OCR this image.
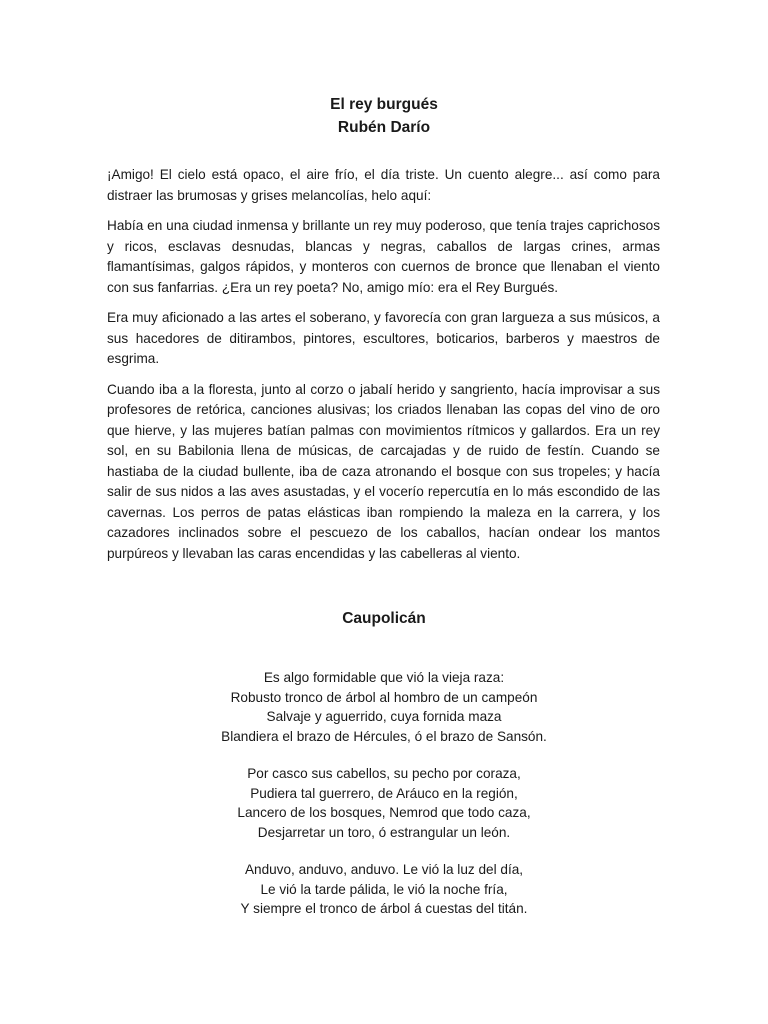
El rey burgués
Rubén Darío

¡Amigo! El cielo está opaco, el aire frío, el día triste. Un cuento alegre... así como para distraer las brumosas y grises melancolías, helo aquí:

Había en una ciudad inmensa y brillante un rey muy poderoso, que tenía trajes caprichosos y ricos, esclavas desnudas, blancas y negras, caballos de largas crines, armas flamantísimas, galgos rápidos, y monteros con cuernos de bronce que llenaban el viento con sus fanfarrias. ¿Era un rey poeta? No, amigo mío: era el Rey Burgués.

Era muy aficionado a las artes el soberano, y favorecía con gran largueza a sus músicos, a sus hacedores de ditirambos, pintores, escultores, boticarios, barberos y maestros de esgrima.

Cuando iba a la floresta, junto al corzo o jabalí herido y sangriento, hacía improvisar a sus profesores de retórica, canciones alusivas; los criados llenaban las copas del vino de oro que hierve, y las mujeres batían palmas con movimientos rítmicos y gallardos. Era un rey sol, en su Babilonia llena de músicas, de carcajadas y de ruido de festín. Cuando se hastiaba de la ciudad bullente, iba de caza atronando el bosque con sus tropeles; y hacía salir de sus nidos a las aves asustadas, y el vocerío repercutía en lo más escondido de las cavernas. Los perros de patas elásticas iban rompiendo la maleza en la carrera, y los cazadores inclinados sobre el pescuezo de los caballos, hacían ondear los mantos purpúreos y llevaban las caras encendidas y las cabelleras al viento.

Caupolicán
Es algo formidable que vió la vieja raza:
Robusto tronco de árbol al hombro de un campeón
Salvaje y aguerrido, cuya fornida maza
Blandiera el brazo de Hércules, ó el brazo de Sansón.
Por casco sus cabellos, su pecho por coraza,
Pudiera tal guerrero, de Aráuco en la región,
Lancero de los bosques, Nemrod que todo caza,
Desjarretar un toro, ó estrangular un león.
Anduvo, anduvo, anduvo. Le vió la luz del día,
Le vió la tarde pálida, le vió la noche fría,
Y siempre el tronco de árbol á cuestas del titán.
